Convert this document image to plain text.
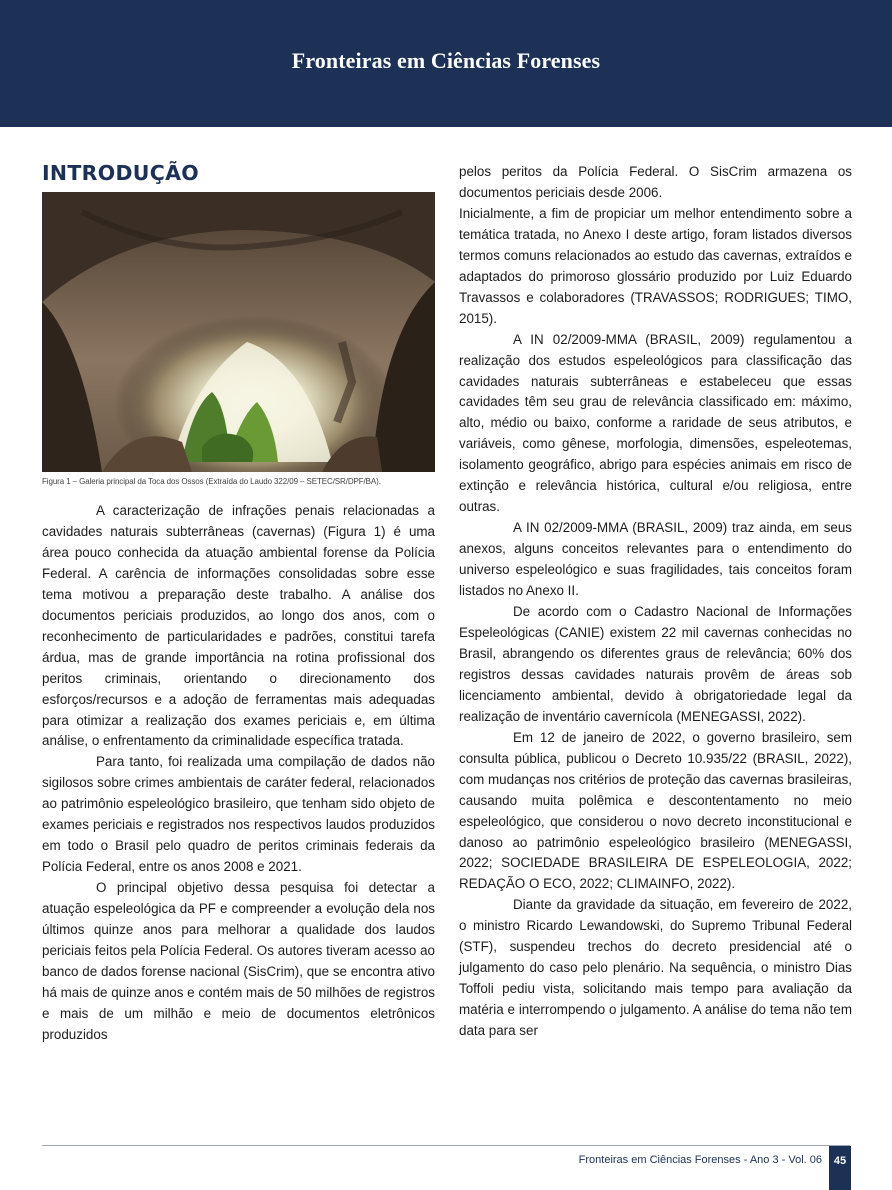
Fronteiras em Ciências Forenses
INTRODUÇÃO
Figura 1 – Galeria principal da Toca dos Ossos (Extraída do Laudo 322/09 – SETEC/SR/DPF/BA).

A caracterização de infrações penais relacionadas a cavidades naturais subterrâneas (cavernas) (Figura 1) é uma área pouco conhecida da atuação ambiental forense da Polícia Federal. A carência de informações consolidadas sobre esse tema motivou a preparação deste trabalho. A análise dos documentos periciais produzidos, ao longo dos anos, com o reconhecimento de particularidades e padrões, constitui tarefa árdua, mas de grande importância na rotina profissional dos peritos criminais, orientando o direcionamento dos esforços/recursos e a adoção de ferramentas mais adequadas para otimizar a realização dos exames periciais e, em última análise, o enfrentamento da criminalidade específica tratada.

Para tanto, foi realizada uma compilação de dados não sigilosos sobre crimes ambientais de caráter federal, relacionados ao patrimônio espeleológico brasileiro, que tenham sido objeto de exames periciais e registrados nos respectivos laudos produzidos em todo o Brasil pelo quadro de peritos criminais federais da Polícia Federal, entre os anos 2008 e 2021.

O principal objetivo dessa pesquisa foi detectar a atuação espeleológica da PF e compreender a evolução dela nos últimos quinze anos para melhorar a qualidade dos laudos periciais feitos pela Polícia Federal. Os autores tiveram acesso ao banco de dados forense nacional (SisCrim), que se encontra ativo há mais de quinze anos e contém mais de 50 milhões de registros e mais de um milhão e meio de documentos eletrônicos produzidos

pelos peritos da Polícia Federal. O SisCrim armazena os documentos periciais desde 2006.

Inicialmente, a fim de propiciar um melhor entendimento sobre a temática tratada, no Anexo I deste artigo, foram listados diversos termos comuns relacionados ao estudo das cavernas, extraídos e adaptados do primoroso glossário produzido por Luiz Eduardo Travassos e colaboradores (TRAVASSOS; RODRIGUES; TIMO, 2015).

A IN 02/2009-MMA (BRASIL, 2009) regulamentou a realização dos estudos espeleológicos para classificação das cavidades naturais subterrâneas e estabeleceu que essas cavidades têm seu grau de relevância classificado em: máximo, alto, médio ou baixo, conforme a raridade de seus atributos, e variáveis, como gênese, morfologia, dimensões, espeleotemas, isolamento geográfico, abrigo para espécies animais em risco de extinção e relevância histórica, cultural e/ou religiosa, entre outras.

A IN 02/2009-MMA (BRASIL, 2009) traz ainda, em seus anexos, alguns conceitos relevantes para o entendimento do universo espeleológico e suas fragilidades, tais conceitos foram listados no Anexo II.

De acordo com o Cadastro Nacional de Informações Espeleológicas (CANIE) existem 22 mil cavernas conhecidas no Brasil, abrangendo os diferentes graus de relevância; 60% dos registros dessas cavidades naturais provêm de áreas sob licenciamento ambiental, devido à obrigatoriedade legal da realização de inventário cavernícola (MENEGASSI, 2022).

Em 12 de janeiro de 2022, o governo brasileiro, sem consulta pública, publicou o Decreto 10.935/22 (BRASIL, 2022), com mudanças nos critérios de proteção das cavernas brasileiras, causando muita polêmica e descontentamento no meio espeleológico, que considerou o novo decreto inconstitucional e danoso ao patrimônio espeleológico brasileiro (MENEGASSI, 2022; SOCIEDADE BRASILEIRA DE ESPELEOLOGIA, 2022; REDAÇÃO O ECO, 2022; CLIMAINFO, 2022).

Diante da gravidade da situação, em fevereiro de 2022, o ministro Ricardo Lewandowski, do Supremo Tribunal Federal (STF), suspendeu trechos do decreto presidencial até o julgamento do caso pelo plenário. Na sequência, o ministro Dias Toffoli pediu vista, solicitando mais tempo para avaliação da matéria e interrompendo o julgamento. A análise do tema não tem data para ser

Fronteiras em Ciências Forenses - Ano 3 - Vol. 06	45
